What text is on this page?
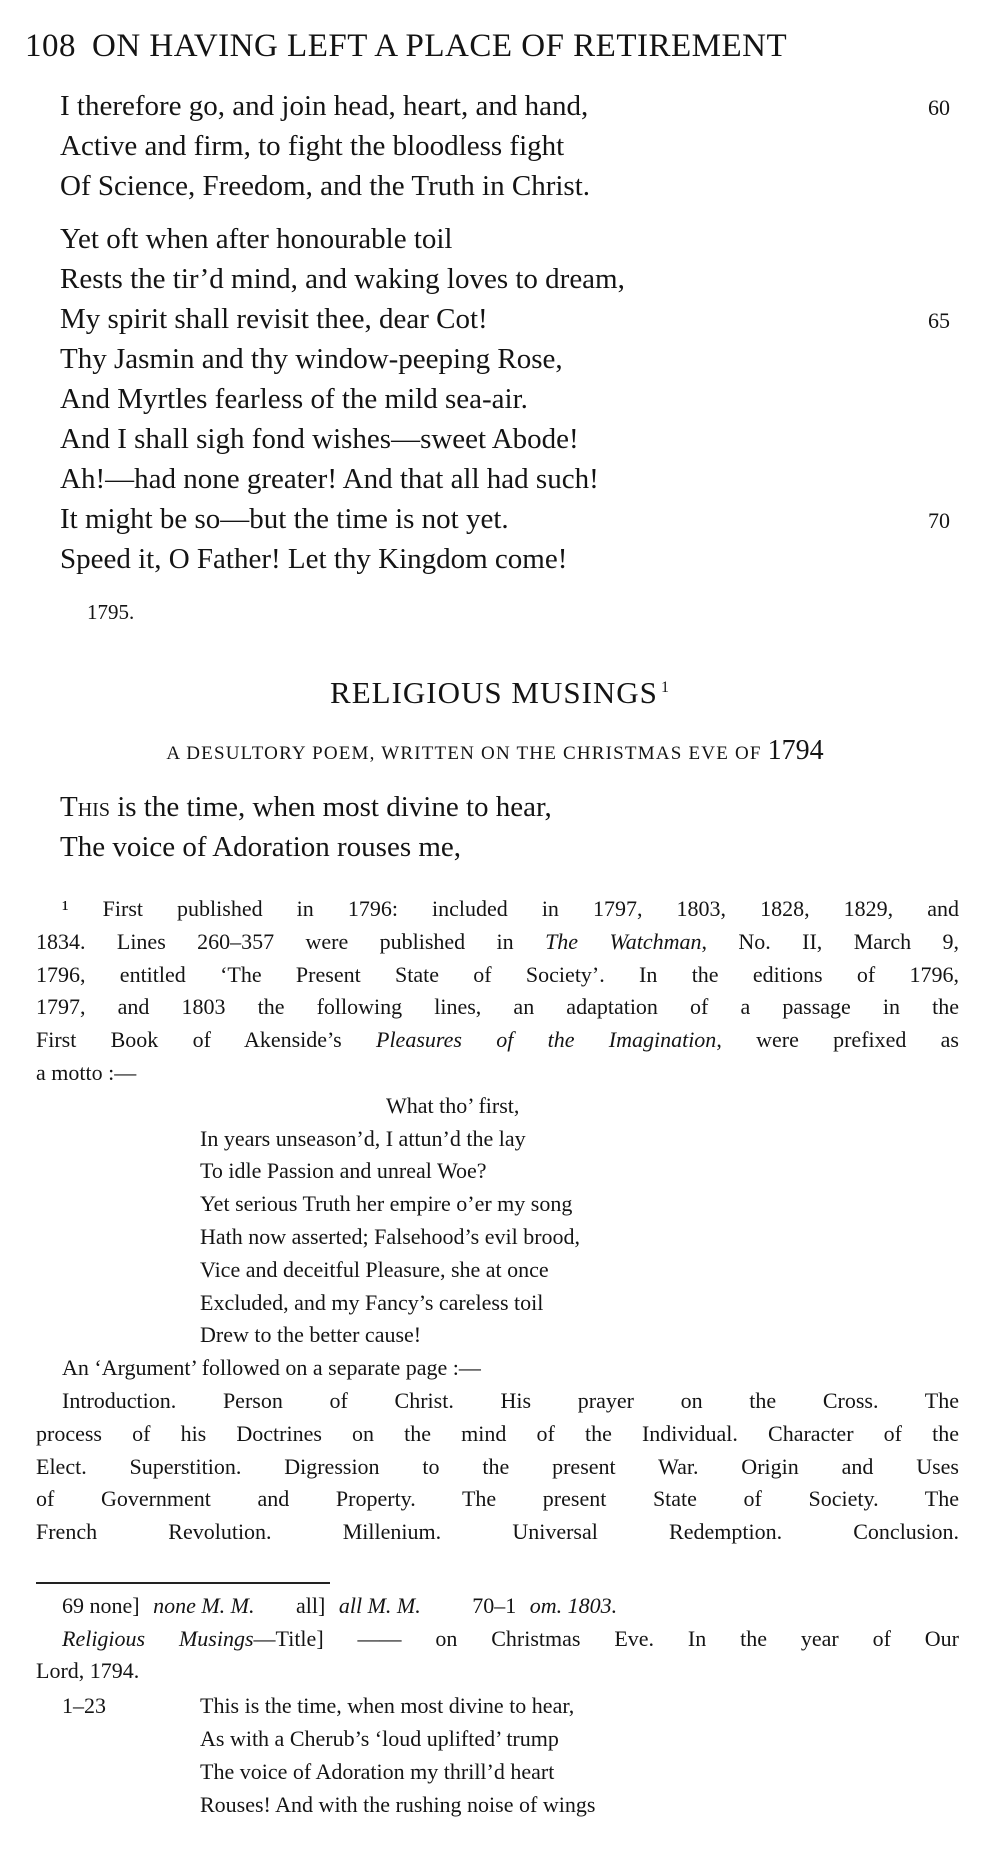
108 ON HAVING LEFT A PLACE OF RETIREMENT
I therefore go, and join head, heart, and hand,	60
Active and firm, to fight the bloodless fight
Of Science, Freedom, and the Truth in Christ.
Yet oft when after honourable toil
Rests the tir’d mind, and waking loves to dream,
My spirit shall revisit thee, dear Cot!	65
Thy Jasmin and thy window-peeping Rose,
And Myrtles fearless of the mild sea-air.
And I shall sigh fond wishes—sweet Abode!
Ah!—had none greater! And that all had such!
It might be so—but the time is not yet.	70
Speed it, O Father! Let thy Kingdom come!
1795.
RELIGIOUS MUSINGS $^1$
A DESULTORY POEM, WRITTEN ON THE CHRISTMAS EVE OF 1794
This is the time, when most divine to hear,
The voice of Adoration rouses me,
¹ First published in 1796: included in 1797, 1803, 1828, 1829, and
1834. Lines 260–357 were published in The Watchman, No. II, March 9,
1796, entitled ‘The Present State of Society’. In the editions of 1796,
1797, and 1803 the following lines, an adaptation of a passage in the
First Book of Akenside’s Pleasures of the Imagination, were prefixed as
a motto :—
What tho’ first,
In years unseason’d, I attun’d the lay
To idle Passion and unreal Woe?
Yet serious Truth her empire o’er my song
Hath now asserted; Falsehood’s evil brood,
Vice and deceitful Pleasure, she at once
Excluded, and my Fancy’s careless toil
Drew to the better cause!
An ‘Argument’ followed on a separate page :—
Introduction. Person of Christ. His prayer on the Cross. The
process of his Doctrines on the mind of the Individual. Character of the
Elect. Superstition. Digression to the present War. Origin and Uses
of Government and Property. The present State of Society. The
French Revolution. Millenium. Universal Redemption. Conclusion.
69 none] none M. M. all] all M. M. 70–1 om. 1803.
Religious Musings—Title] —— on Christmas Eve. In the year of Our
Lord, 1794.
1–23	This is the time, when most divine to hear,
As with a Cherub’s ‘loud uplifted’ trump
The voice of Adoration my thrill’d heart
Rouses! And with the rushing noise of wings
